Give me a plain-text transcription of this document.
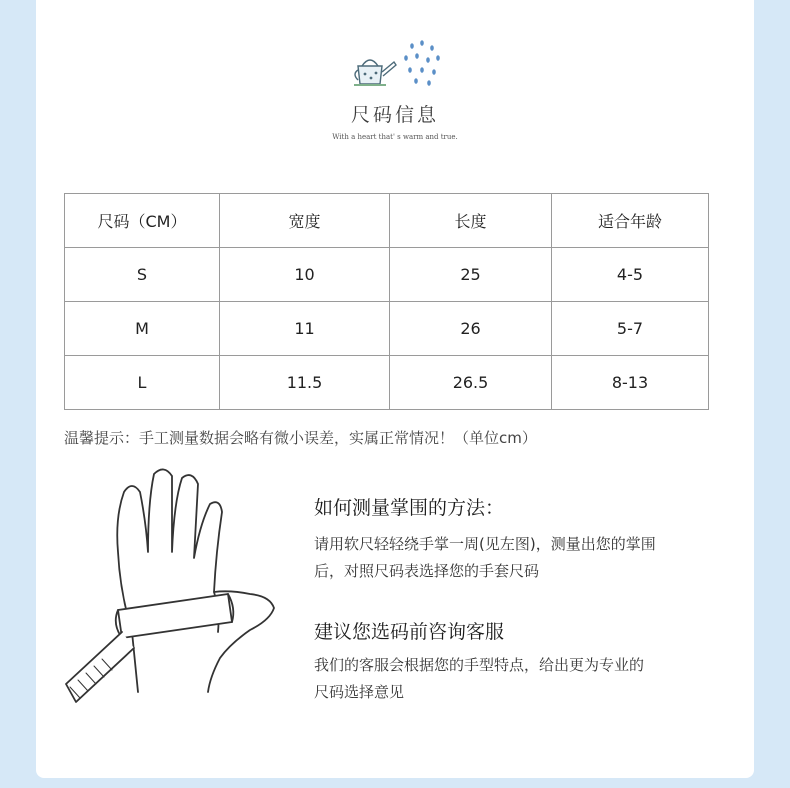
尺码信息
With a heart that' s warm and true.
尺码（CM）	宽度	长度	适合年龄
S	10	25	4-5
M	11	26	5-7
L	11.5	26.5	8-13
温馨提示：手工测量数据会略有微小误差，实属正常情况！（单位cm）
如何测量掌围的方法：
请用软尺轻轻绕手掌一周(见左图)，测量出您的掌围
后，对照尺码表选择您的手套尺码
建议您选码前咨询客服
我们的客服会根据您的手型特点，给出更为专业的
尺码选择意见
